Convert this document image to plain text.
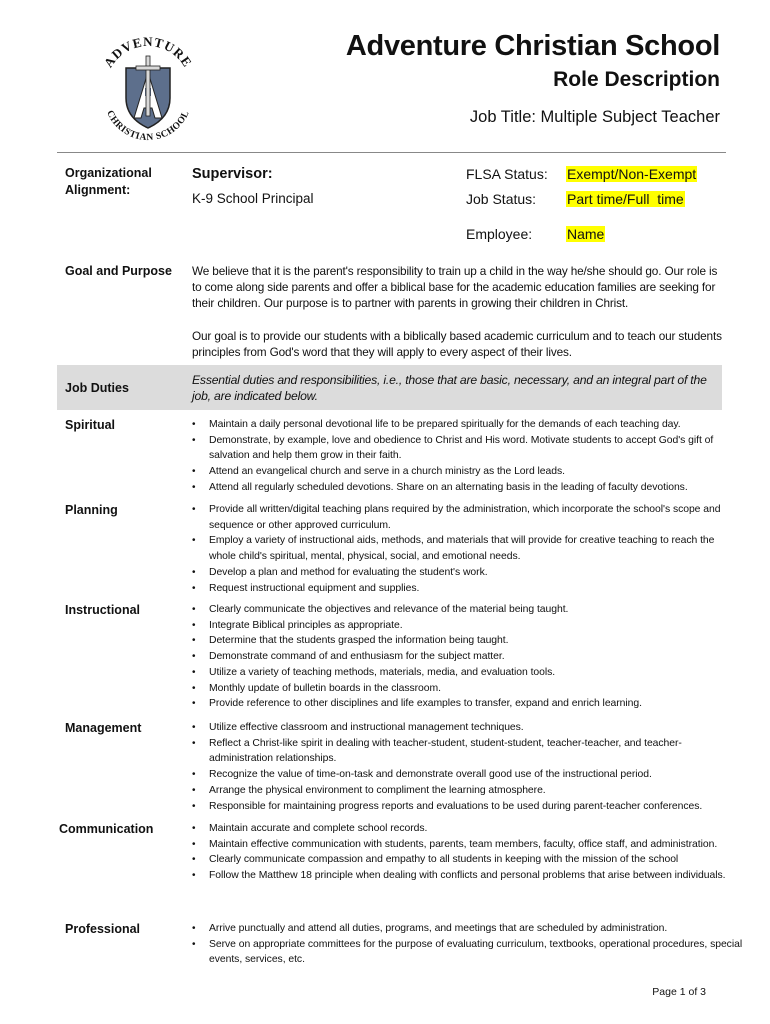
ADVENTURE
CHRISTIAN SCHOOL
Adventure Christian School
Role Description
Job Title: Multiple Subject Teacher
Organizational Alignment:
Supervisor:
K-9 School Principal
FLSA Status: Exempt/Non-Exempt
Job Status: Part time/Full  time
Employee: Name
Goal and Purpose We believe that it is the parent's responsibility to train up a child in the way he/she should go. Our role is to come along side parents and offer a biblical base for the academic education families are seeking for their children. Our purpose is to partner with parents in growing their children in Christ.
Our goal is to provide our students with a biblically based academic curriculum and to teach our students principles from God's word that they will apply to every aspect of their lives.
Job Duties
Essential duties and responsibilities, i.e., those that are basic, necessary, and an integral part of the job, are indicated below.
Spiritual	• Maintain a daily personal devotional life to be prepared spiritually for the demands of each teaching day.
• Demonstrate, by example, love and obedience to Christ and His word. Motivate students to accept God's gift of salvation and help them grow in their faith.
• Attend an evangelical church and serve in a church ministry as the Lord leads.
• Attend all regularly scheduled devotions. Share on an alternating basis in the leading of faculty devotions.
Planning	• Provide all written/digital teaching plans required by the administration, which incorporate the school's scope and sequence or other approved curriculum.
• Employ a variety of instructional aids, methods, and materials that will provide for creative teaching to reach the whole child's spiritual, mental, physical, social, and emotional needs.
• Develop a plan and method for evaluating the student's work.
• Request instructional equipment and supplies.
Instructional	• Clearly communicate the objectives and relevance of the material being taught.
• Integrate Biblical principles as appropriate.
• Determine that the students grasped the information being taught.
• Demonstrate command of and enthusiasm for the subject matter.
• Utilize a variety of teaching methods, materials, media, and evaluation tools.
• Monthly update of bulletin boards in the classroom.
• Provide reference to other disciplines and life examples to transfer, expand and enrich learning.
Management	• Utilize effective classroom and instructional management techniques.
• Reflect a Christ-like spirit in dealing with teacher-student, student-student, teacher-teacher, and teacher-administration relationships.
• Recognize the value of time-on-task and demonstrate overall good use of the instructional period.
• Arrange the physical environment to compliment the learning atmosphere.
• Responsible for maintaining progress reports and evaluations to be used during parent-teacher conferences.
Communication	• Maintain accurate and complete school records.
• Maintain effective communication with students, parents, team members, faculty, office staff, and administration.
• Clearly communicate compassion and empathy to all students in keeping with the mission of the school
• Follow the Matthew 18 principle when dealing with conflicts and personal problems that arise between individuals.
Professional	• Arrive punctually and attend all duties, programs, and meetings that are scheduled by administration.
• Serve on appropriate committees for the purpose of evaluating curriculum, textbooks, operational procedures, special events, services, etc.
Page 1 of 3
